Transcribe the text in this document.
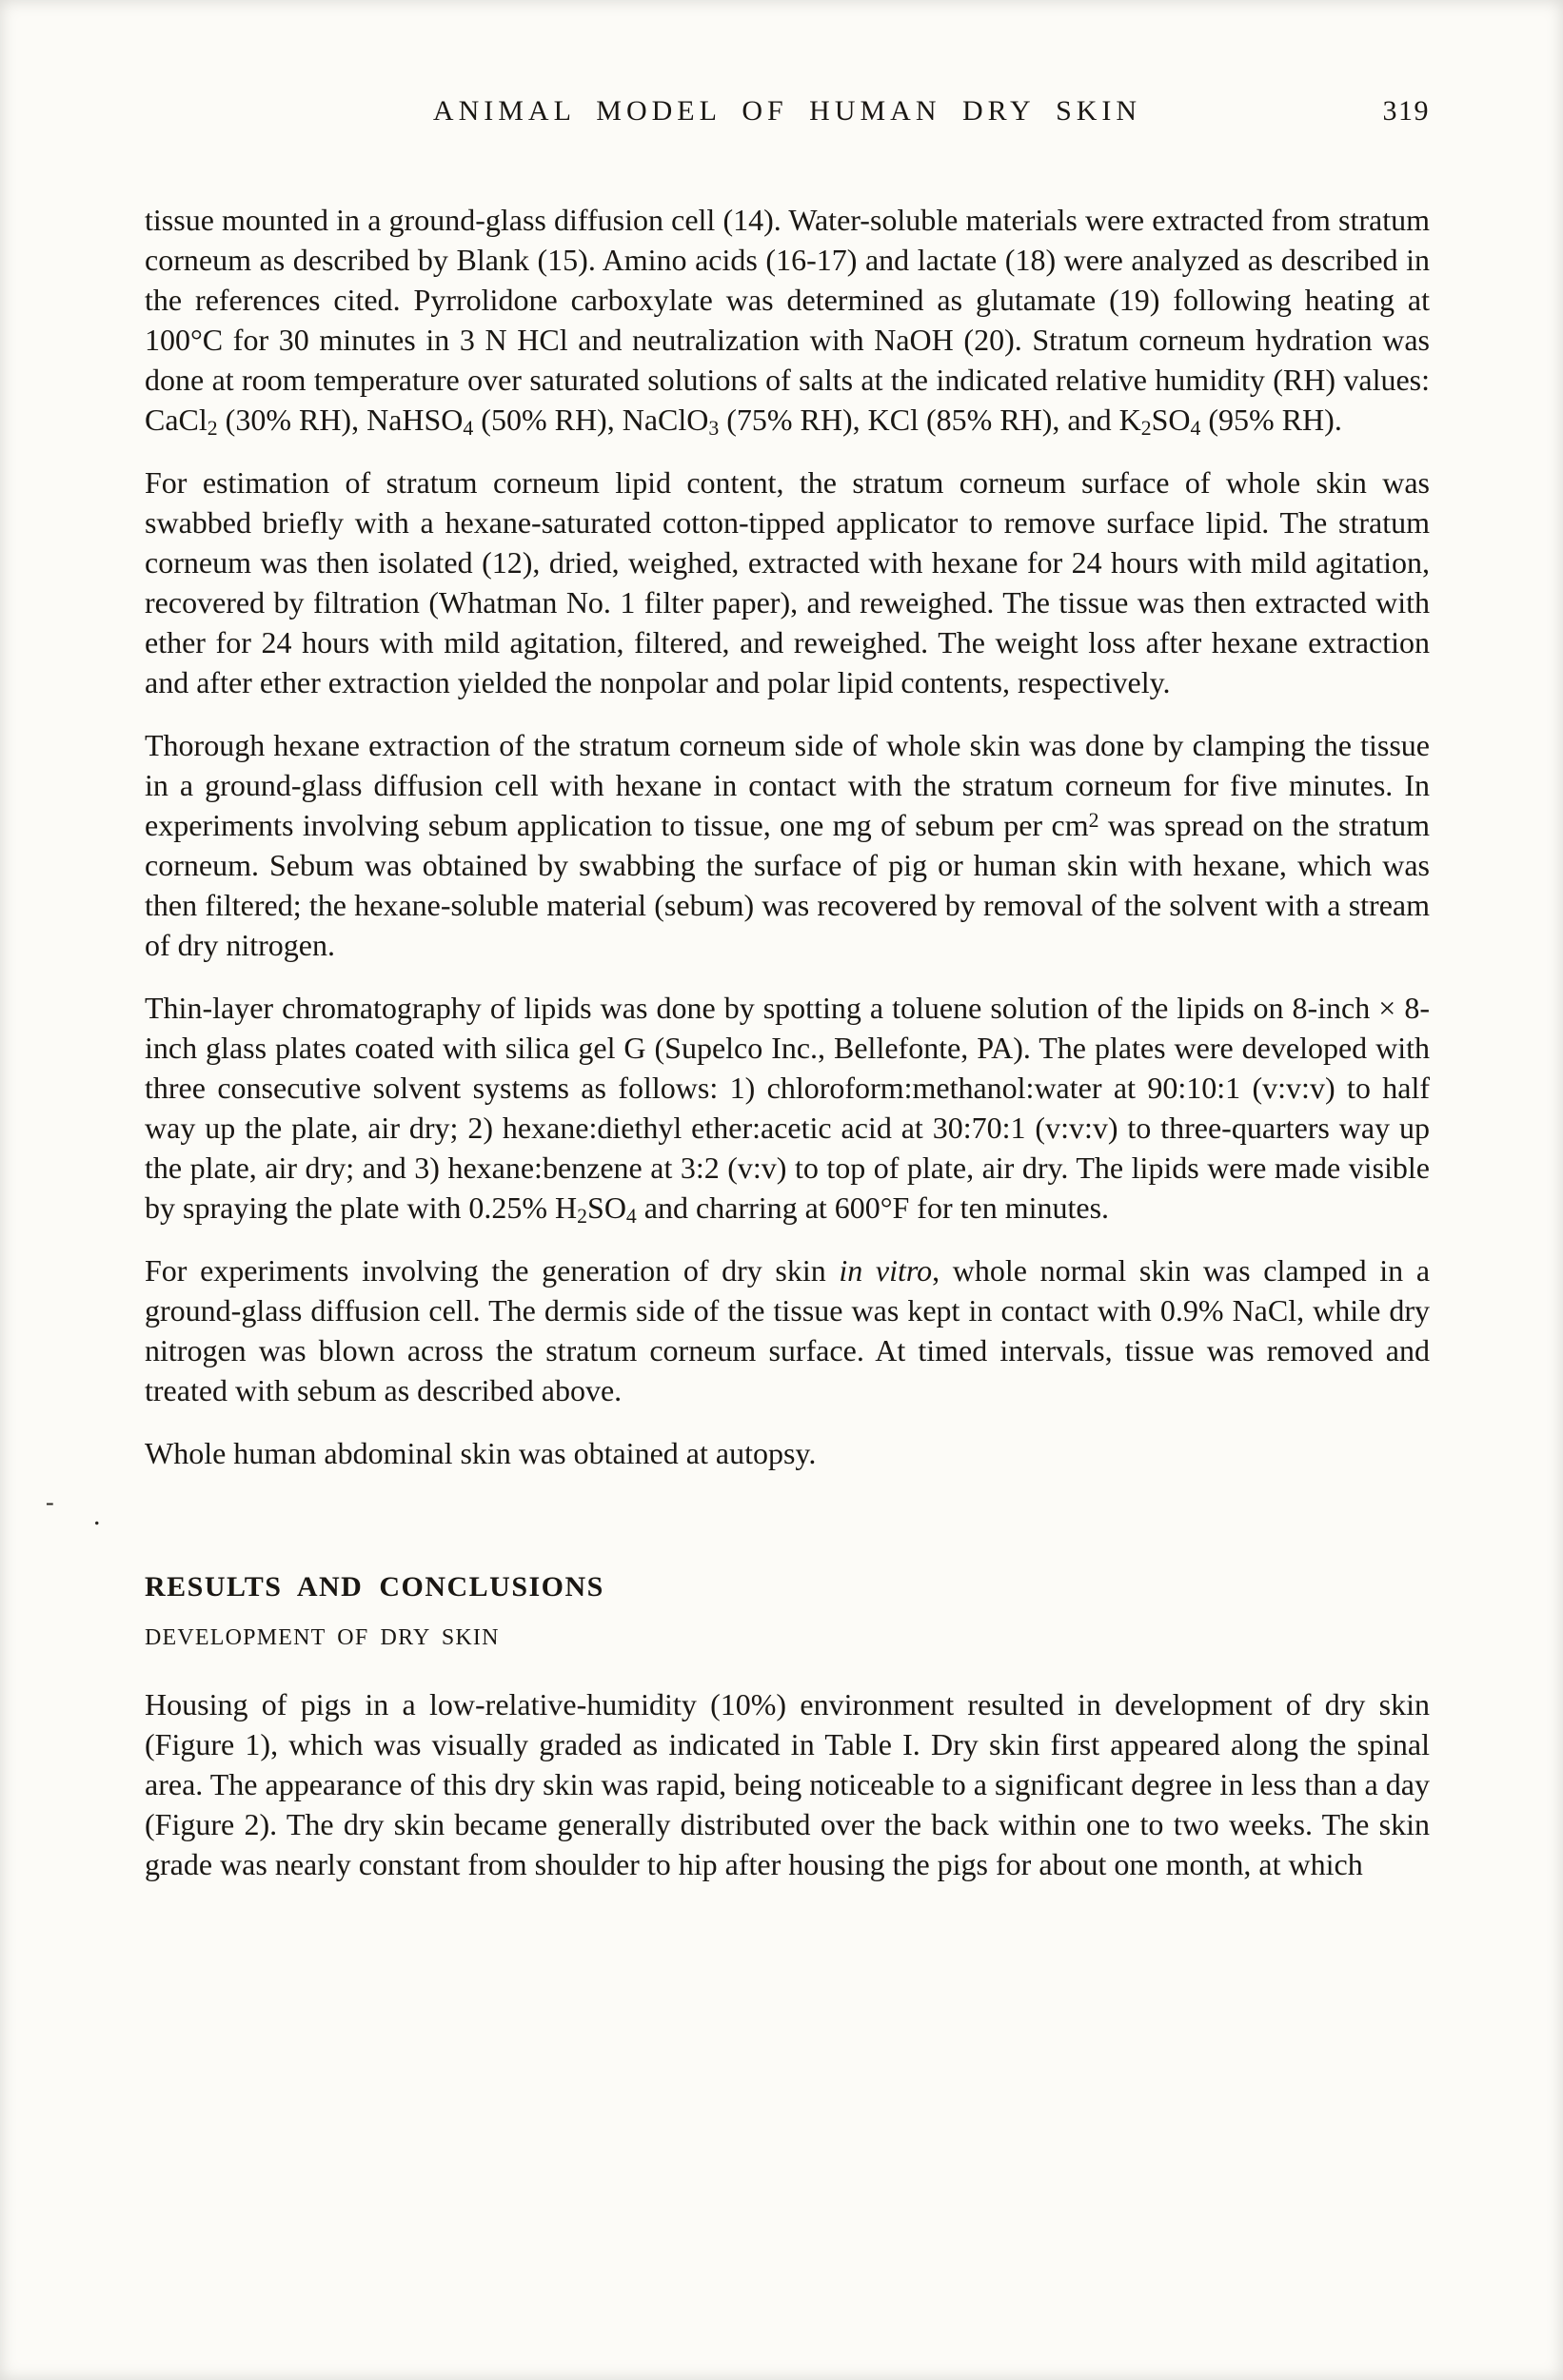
- .
ANIMAL MODEL OF HUMAN DRY SKIN	319

tissue mounted in a ground-glass diffusion cell (14). Water-soluble materials were extracted from stratum corneum as described by Blank (15). Amino acids (16-17) and lactate (18) were analyzed as described in the references cited. Pyrrolidone carboxylate was determined as glutamate (19) following heating at 100°C for 30 minutes in 3 N HCl and neutralization with NaOH (20). Stratum corneum hydration was done at room temperature over saturated solutions of salts at the indicated relative humidity (RH) values: CaCl$_2$ (30% RH), NaHSO$_4$ (50% RH), NaClO$_3$ (75% RH), KCl (85% RH), and $K_2SO_4$ (95% RH).

For estimation of stratum corneum lipid content, the stratum corneum surface of whole skin was swabbed briefly with a hexane-saturated cotton-tipped applicator to remove surface lipid. The stratum corneum was then isolated (12), dried, weighed, extracted with hexane for 24 hours with mild agitation, recovered by filtration (Whatman No. 1 filter paper), and reweighed. The tissue was then extracted with ether for 24 hours with mild agitation, filtered, and reweighed. The weight loss after hexane extraction and after ether extraction yielded the nonpolar and polar lipid contents, respectively.

Thorough hexane extraction of the stratum corneum side of whole skin was done by clamping the tissue in a ground-glass diffusion cell with hexane in contact with the stratum corneum for five minutes. In experiments involving sebum application to tissue, one mg of sebum per $cm^2$ was spread on the stratum corneum. Sebum was obtained by swabbing the surface of pig or human skin with hexane, which was then filtered; the hexane-soluble material (sebum) was recovered by removal of the solvent with a stream of dry nitrogen.

Thin-layer chromatography of lipids was done by spotting a toluene solution of the lipids on 8-inch × 8-inch glass plates coated with silica gel G (Supelco Inc., Bellefonte, PA). The plates were developed with three consecutive solvent systems as follows: 1) chloroform:methanol:water at 90:10:1 (v:v:v) to half way up the plate, air dry; 2) hexane:diethyl ether:acetic acid at 30:70:1 (v:v:v) to three-quarters way up the plate, air dry; and 3) hexane:benzene at 3:2 (v:v) to top of plate, air dry. The lipids were made visible by spraying the plate with 0.25% $H_2SO_4$ and charring at 600°F for ten minutes.

For experiments involving the generation of dry skin in vitro, whole normal skin was clamped in a ground-glass diffusion cell. The dermis side of the tissue was kept in contact with 0.9% NaCl, while dry nitrogen was blown across the stratum corneum surface. At timed intervals, tissue was removed and treated with sebum as described above.

Whole human abdominal skin was obtained at autopsy.

RESULTS AND CONCLUSIONS
DEVELOPMENT OF DRY SKIN

Housing of pigs in a low-relative-humidity (10%) environment resulted in development of dry skin (Figure 1), which was visually graded as indicated in Table I. Dry skin first appeared along the spinal area. The appearance of this dry skin was rapid, being noticeable to a significant degree in less than a day (Figure 2). The dry skin became generally distributed over the back within one to two weeks. The skin grade was nearly constant from shoulder to hip after housing the pigs for about one month, at which
